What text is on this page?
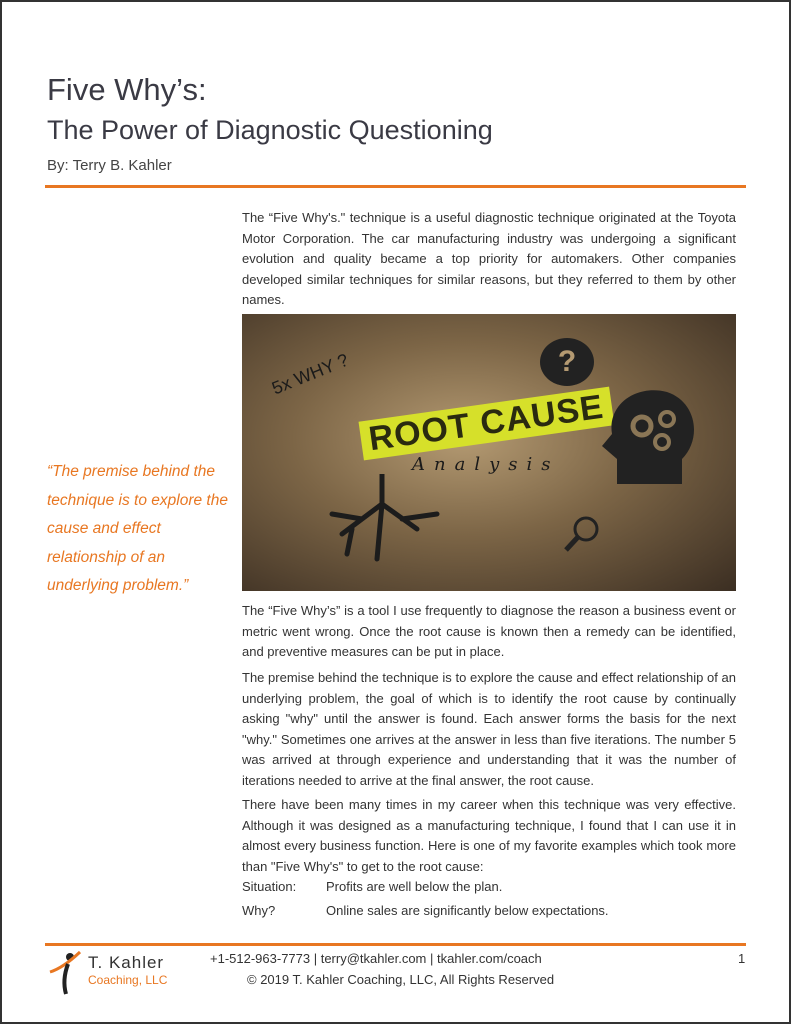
Five Why’s:
The Power of Diagnostic Questioning
By: Terry B. Kahler
The “Five Why's." technique is a useful diagnostic technique originated at the Toyota Motor Corporation. The car manufacturing industry was undergoing a significant evolution and quality became a top priority for automakers. Other companies developed similar techniques for similar reasons, but they referred to them by other names.
5x WHY ?
ROOT CAUSE
Analysis
?
“The premise behind the technique is to explore the cause and effect relationship of an underlying problem.”
The “Five Why’s” is a tool I use frequently to diagnose the reason a business event or metric went wrong. Once the root cause is known then a remedy can be identified, and preventive measures can be put in place.
The premise behind the technique is to explore the cause and effect relationship of an underlying problem, the goal of which is to identify the root cause by continually asking "why" until the answer is found. Each answer forms the basis for the next "why." Sometimes one arrives at the answer in less than five iterations. The number 5 was arrived at through experience and understanding that it was the number of iterations needed to arrive at the final answer, the root cause.
There have been many times in my career when this technique was very effective. Although it was designed as a manufacturing technique, I found that I can use it in almost every business function. Here is one of my favorite examples which took more than "Five Why's" to get to the root cause:
Situation: Profits are well below the plan.
Why?	Online sales are significantly below expectations.
T. Kahler
Coaching, LLC
+1-512-963-7773 | terry@tkahler.com | tkahler.com/coach
© 2019 T. Kahler Coaching, LLC, All Rights Reserved
1
